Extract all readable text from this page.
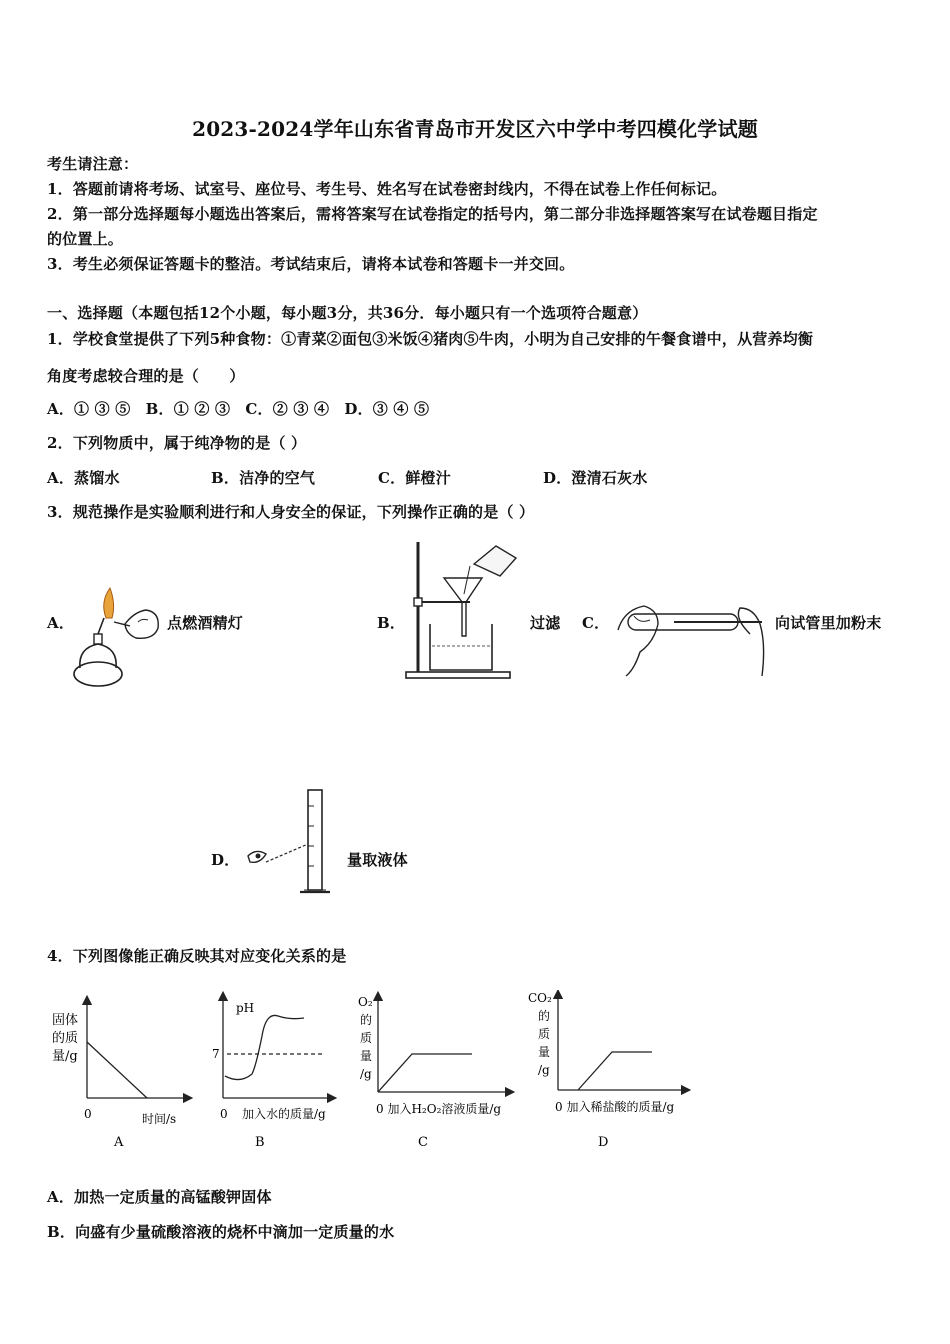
2023-2024学年山东省青岛市开发区六中学中考四模化学试题
考生请注意：
1．答题前请将考场、试室号、座位号、考生号、姓名写在试卷密封线内，不得在试卷上作任何标记。
2．第一部分选择题每小题选出答案后，需将答案写在试卷指定的括号内，第二部分非选择题答案写在试卷题目指定
的位置上。
3．考生必须保证答题卡的整洁。考试结束后，请将本试卷和答题卡一并交回。
一、选择题（本题包括12个小题，每小题3分，共36分．每小题只有一个选项符合题意）
1．学校食堂提供了下列5种食物：①青菜②面包③米饭④猪肉⑤牛肉，小明为自己安排的午餐食谱中，从营养均衡
角度考虑较合理的是（　　）
A．① ③ ⑤　B．① ② ③　C．② ③ ④　D．③ ④ ⑤
2．下列物质中，属于纯净物的是（ ）
A．蒸馏水	B．洁净的空气	C．鲜橙汁	D．澄清石灰水
3．规范操作是实验顺利进行和人身安全的保证，下列操作正确的是（ ）
A．	点燃酒精灯	B．	过滤 C．	向试管里加粉末
D．	量取液体
4．下列图像能正确反映其对应变化关系的是
固体
的质
量/g
0	时间/s
A
pH
7
0 加入水的质量/g
B
O₂
的
质
量
/g
0 加入H₂O₂溶液质量/g
C
CO₂
的
质
量
/g
0 加入稀盐酸的质量/g
D
A．加热一定质量的高锰酸钾固体
B．向盛有少量硫酸溶液的烧杯中滴加一定质量的水
